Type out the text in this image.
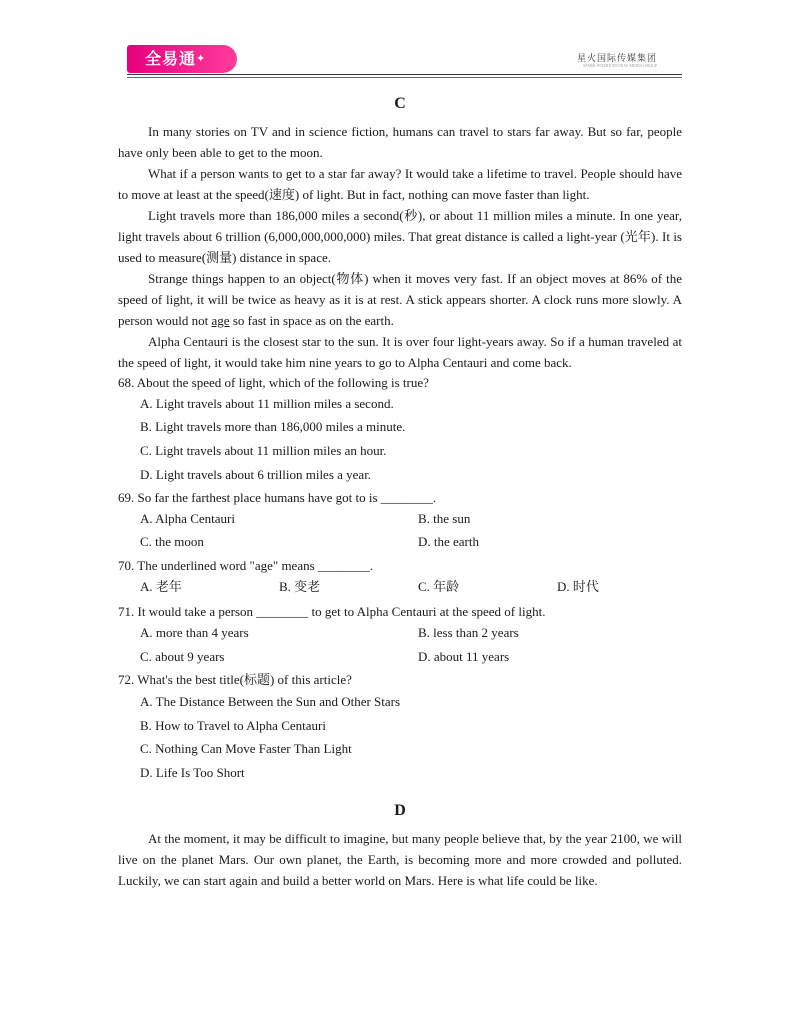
全易通✦	星火国际传媒集团
SPARK INTERNATIONAL MEDIA GROUP
C

In many stories on TV and in science fiction, humans can travel to stars far away. But so far, people have only been able to get to the moon.

What if a person wants to get to a star far away? It would take a lifetime to travel. People should have to move at least at the speed(速度) of light. But in fact, nothing can move faster than light.

Light travels more than 186,000 miles a second(秒), or about 11 million miles a minute. In one year, light travels about 6 trillion (6,000,000,000,000) miles. That great distance is called a light-year (光年). It is used to measure(测量) distance in space.

Strange things happen to an object(物体) when it moves very fast. If an object moves at 86% of the speed of light, it will be twice as heavy as it is at rest. A stick appears shorter. A clock runs more slowly. A person would not age so fast in space as on the earth.

Alpha Centauri is the closest star to the sun. It is over four light-years away. So if a human traveled at the speed of light, it would take him nine years to go to Alpha Centauri and come back.

68. About the speed of light, which of the following is true?
A. Light travels about 11 million miles a second.
B. Light travels more than 186,000 miles a minute.
C. Light travels about 11 million miles an hour.
D. Light travels about 6 trillion miles a year.
69. So far the farthest place humans have got to is ________.
A. Alpha Centauri	B. the sun
C. the moon	D. the earth
70. The underlined word "age" means ________.
A. 老年	B. 变老	C. 年龄	D. 时代
71. It would take a person ________ to get to Alpha Centauri at the speed of light.
A. more than 4 years	B. less than 2 years
C. about 9 years	D. about 11 years
72. What's the best title(标题) of this article?
A. The Distance Between the Sun and Other Stars
B. How to Travel to Alpha Centauri
C. Nothing Can Move Faster Than Light
D. Life Is Too Short
D

At the moment, it may be difficult to imagine, but many people believe that, by the year 2100, we will live on the planet Mars. Our own planet, the Earth, is becoming more and more crowded and polluted. Luckily, we can start again and build a better world on Mars. Here is what life could be like.
